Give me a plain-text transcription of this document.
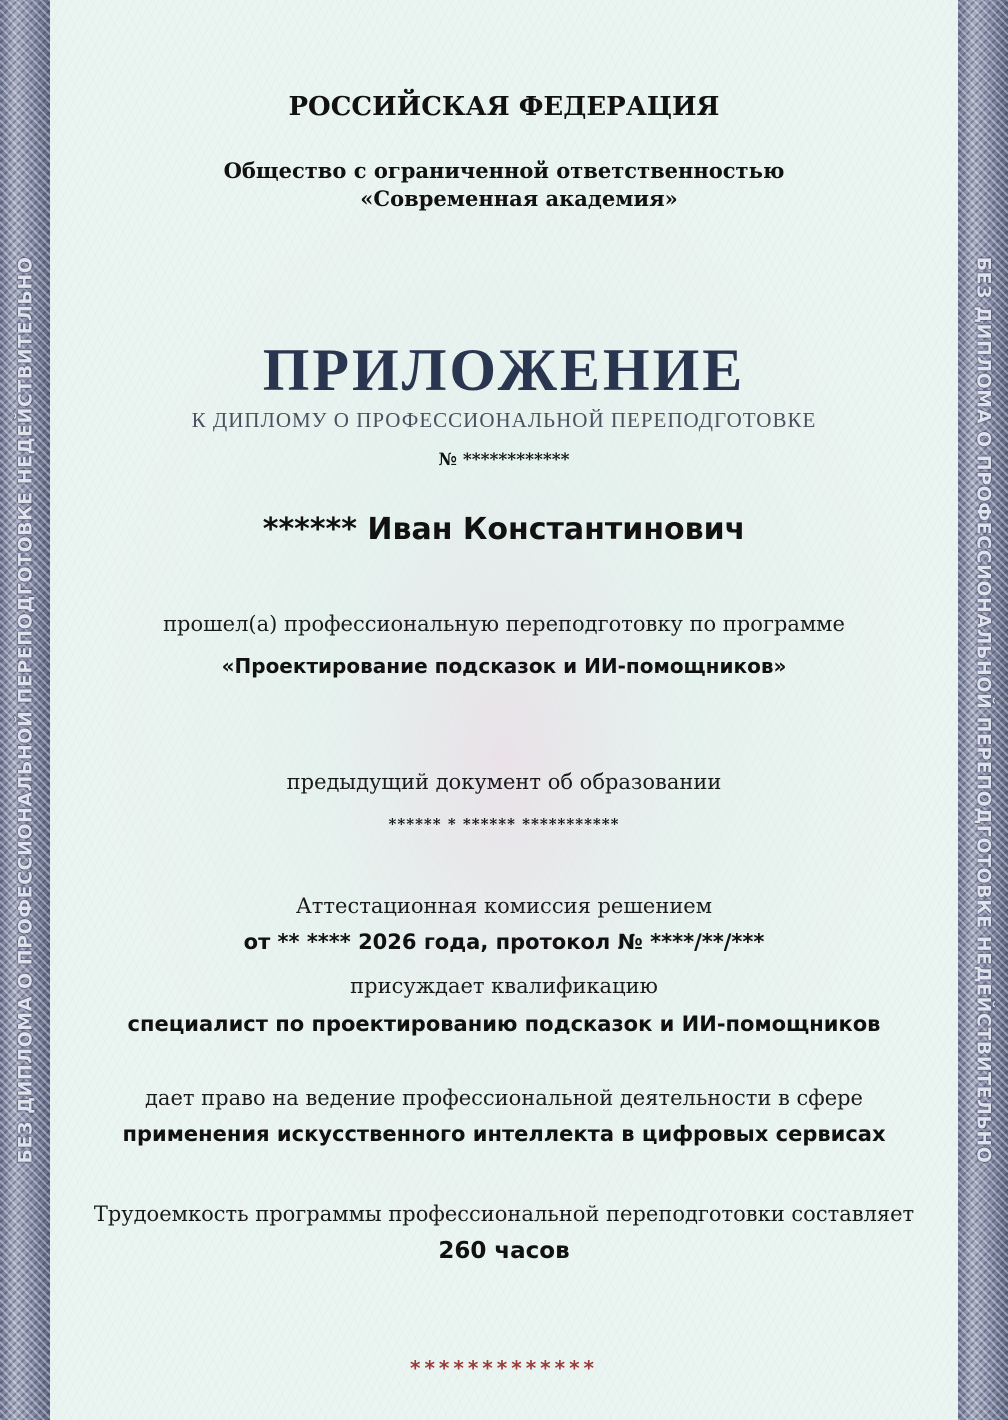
БЕЗ ДИПЛОМА О ПРОФЕССИОНАЛЬНОЙ ПЕРЕПОДГОТОВКЕ НЕДЕЙСТВИТЕЛЬНО	БЕЗ ДИПЛОМА О ПРОФЕССИОНАЛЬНОЙ ПЕРЕПОДГОТОВКЕ НЕДЕЙСТВИТЕЛЬНО
РОССИЙСКАЯ ФЕДЕРАЦИЯ
Общество с ограниченной ответственностью
«Современная академия»
ПРИЛОЖЕНИЕ
К ДИПЛОМУ О ПРОФЕССИОНАЛЬНОЙ ПЕРЕПОДГОТОВКЕ
№ ************
****** Иван Константинович
прошел(а) профессиональную переподготовку по программе
«Проектирование подсказок и ИИ-помощников»
предыдущий документ об образовании
****** * ****** ***********
Аттестационная комиссия решением
от ** **** 2026 года, протокол № ****/**/***
присуждает квалификацию
специалист по проектированию подсказок и ИИ-помощников
дает право на ведение профессиональной деятельности в сфере
применения искусственного интеллекта в цифровых сервисах
Трудоемкость программы профессиональной переподготовки составляет
260 часов
*************
